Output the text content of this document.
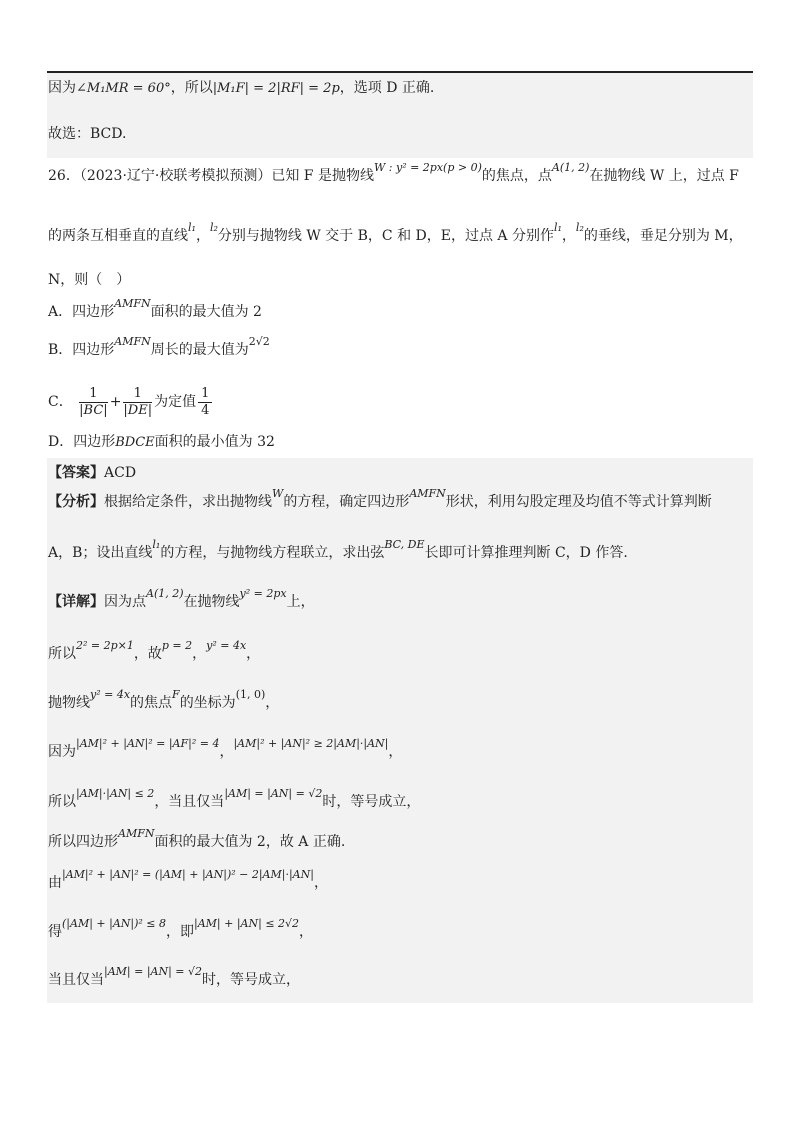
因为∠M₁MR = 60°，所以|M₁F| = 2|RF| = 2p，选项 D 正确.
故选：BCD.
26．（2023·辽宁·校联考模拟预测）已知 F 是抛物线$^{W : y^2 = 2px(p > 0)}$的焦点，点$^{A(1, 2)}$在抛物线 W 上，过点 F
的两条互相垂直的直线$^{l_1}$，$^{l_2}$分别与抛物线 W 交于 B，C 和 D，E，过点 A 分别作$^{l_1}$，$^{l_2}$的垂线，垂足分别为 M，
N，则（　）
A．四边形$^{AMFN}$面积的最大值为 2
B．四边形$^{AMFN}$周长的最大值为$^{2√2}$
C． $\frac{1}{|BC|} + \frac{1}{|DE|}$ 为定值 $\frac{1}{4}$
D．四边形BDCE面积的最小值为 32
【答案】ACD
【分析】根据给定条件，求出抛物线$^W$的方程，确定四边形$^{AMFN}$形状，利用勾股定理及均值不等式计算判断
A，B；设出直线$^{l_1}$的方程，与抛物线方程联立，求出弦$^{BC, DE}$长即可计算推理判断 C，D 作答.
【详解】因为点$^{A(1, 2)}$在抛物线$^{y^2 = 2px}$上，
所以$^{2^2 = 2p\times 1}$，故$^{p = 2}$，$^{y^2 = 4x}$，
抛物线$^{y^2 = 4x}$的焦点$^F$的坐标为$^{(1, 0)}$，
因为$^{|AM|^2 + |AN|^2 = |AF|^2 = 4}$，$^{|AM|^2 + |AN|^2 \ge 2|AM|\cdot|AN|}$，
所以$^{|AM|\cdot|AN| \le 2}$，当且仅当$^{|AM| = |AN| = √2}$时，等号成立，
所以四边形$^{AMFN}$面积的最大值为 2，故 A 正确.
由$^{|AM|^2 + |AN|^2 = (|AM| + |AN|)^2 - 2|AM|\cdot|AN|}$，
得$^{(|AM| + |AN|)^2 \le 8}$，即$^{|AM| + |AN| \le 2√2}$，
当且仅当$^{|AM| = |AN| = √2}$时，等号成立，
